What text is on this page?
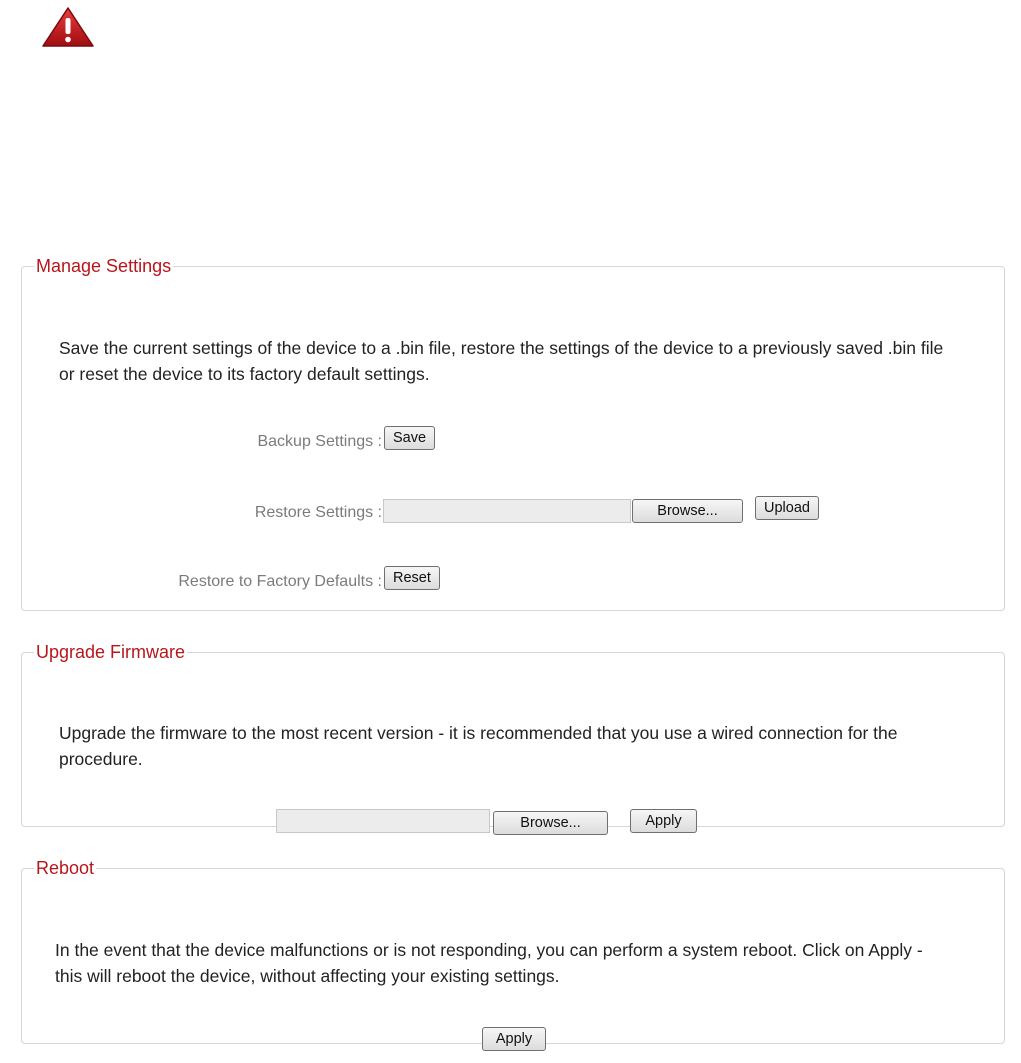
Manage Settings
Save the current settings of the device to a .bin file, restore the settings of the device to a previously saved .bin file or reset the device to its factory default settings.
Backup Settings : Save
Restore Settings :	Browse...	Upload
Restore to Factory Defaults : Reset
Upgrade Firmware
Upgrade the firmware to the most recent version - it is recommended that you use a wired connection for the procedure.
Browse...	Apply
Reboot
In the event that the device malfunctions or is not responding, you can perform a system reboot. Click on Apply - this will reboot the device, without affecting your existing settings.
Apply
